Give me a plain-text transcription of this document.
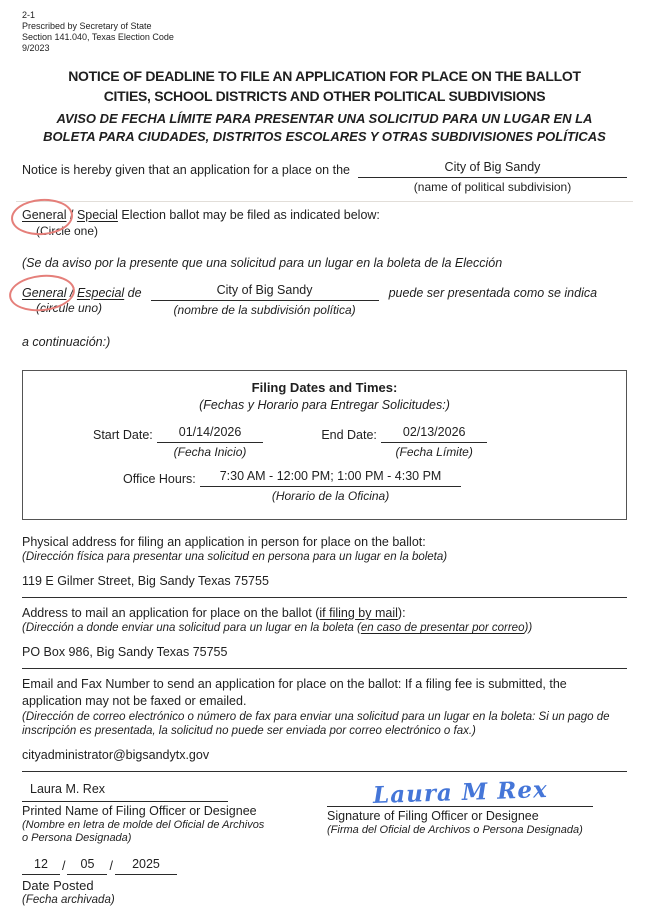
2-1
Prescribed by Secretary of State
Section 141.040, Texas Election Code
9/2023
NOTICE OF DEADLINE TO FILE AN APPLICATION FOR PLACE ON THE BALLOT
CITIES, SCHOOL DISTRICTS AND OTHER POLITICAL SUBDIVISIONS
AVISO DE FECHA LÍMITE PARA PRESENTAR UNA SOLICITUD PARA UN LUGAR EN LA
BOLETA PARA CIUDADES, DISTRITOS ESCOLARES Y OTRAS SUBDIVISIONES POLÍTICAS
Notice is hereby given that an application for a place on the	City of Big Sandy
(name of political subdivision)
General / Special Election ballot may be filed as indicated below:
(Circle one)
(Se da aviso por la presente que una solicitud para un lugar en la boleta de la Elección
General / Especial de
(circule uno)
City of Big Sandy
(nombre de la subdivisión política)
puede ser presentada como se indica
a continuación:)
Filing Dates and Times:
(Fechas y Horario para Entregar Solicitudes:)
Start Date:	01/14/2026
(Fecha Inicio)
End Date:	02/13/2026
(Fecha Límite)
Office Hours:	7:30 AM - 12:00 PM; 1:00 PM - 4:30 PM
(Horario de la Oficina)
Physical address for filing an application in person for place on the ballot:
(Dirección física para presentar una solicitud en persona para un lugar en la boleta)
119 E Gilmer Street, Big Sandy Texas 75755
Address to mail an application for place on the ballot (if filing by mail):
(Dirección a donde enviar una solicitud para un lugar en la boleta (en caso de presentar por correo))
PO Box 986, Big Sandy Texas 75755
Email and Fax Number to send an application for place on the ballot: If a filing fee is submitted, the application may not be faxed or emailed.
(Dirección de correo electrónico o número de fax para enviar una solicitud para un lugar en la boleta: Si un pago de inscripción es presentada, la solicitud no puede ser enviada por correo electrónico o fax.)
cityadministrator@bigsandytx.gov
Laura M. Rex
Printed Name of Filing Officer or Designee
(Nombre en letra de molde del Oficial de Archivos o Persona Designada)
Laura M Rex
Signature of Filing Officer or Designee
(Firma del Oficial de Archivos o Persona Designada)
12	/	05	/	2025
Date Posted
(Fecha archivada)
